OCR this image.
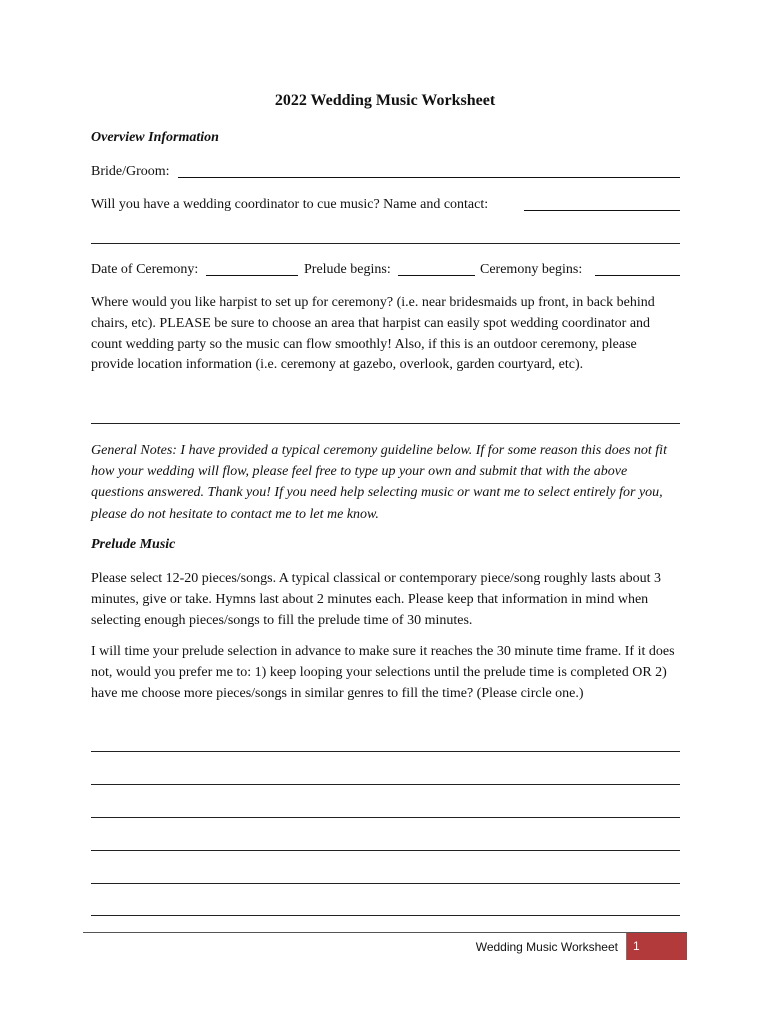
2022 Wedding Music Worksheet
Overview Information
Bride/Groom:
Will you have a wedding coordinator to cue music? Name and contact:
Date of Ceremony:	Prelude begins:	Ceremony begins:
Where would you like harpist to set up for ceremony? (i.e. near bridesmaids up front, in back behind chairs, etc). PLEASE be sure to choose an area that harpist can easily spot wedding coordinator and count wedding party so the music can flow smoothly! Also, if this is an outdoor ceremony, please provide location information (i.e. ceremony at gazebo, overlook, garden courtyard, etc).
General Notes: I have provided a typical ceremony guideline below. If for some reason this does not fit how your wedding will flow, please feel free to type up your own and submit that with the above questions answered. Thank you! If you need help selecting music or want me to select entirely for you, please do not hesitate to contact me to let me know.
Prelude Music
Please select 12-20 pieces/songs. A typical classical or contemporary piece/song roughly lasts about 3 minutes, give or take. Hymns last about 2 minutes each. Please keep that information in mind when selecting enough pieces/songs to fill the prelude time of 30 minutes.
I will time your prelude selection in advance to make sure it reaches the 30 minute time frame. If it does not, would you prefer me to: 1) keep looping your selections until the prelude time is completed OR 2) have me choose more pieces/songs in similar genres to fill the time? (Please circle one.)
Wedding Music Worksheet	1
